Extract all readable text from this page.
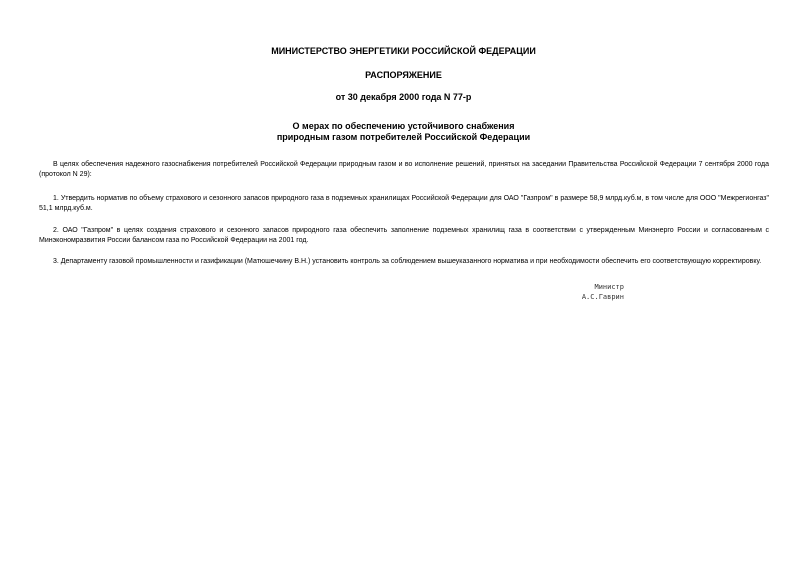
МИНИСТЕРСТВО ЭНЕРГЕТИКИ РОССИЙСКОЙ ФЕДЕРАЦИИ
РАСПОРЯЖЕНИЕ
от 30 декабря 2000 года N 77-р
О мерах по обеспечению устойчивого снабжения
природным газом потребителей Российской Федерации

В целях обеспечения надежного газоснабжения потребителей Российской Федерации природным газом и во исполнение решений, принятых на заседании Правительства Российской Федерации 7 сентября 2000 года (протокол N 29):

1. Утвердить норматив по объему страхового и сезонного запасов природного газа в подземных хранилищах Российской Федерации для ОАО "Газпром" в размере 58,9 млрд.куб.м, в том числе для ООО "Межрегионгаз" 51,1 млрд.куб.м.

2. ОАО "Газпром" в целях создания страхового и сезонного запасов природного газа обеспечить заполнение подземных хранилищ газа в соответствии с утвержденным Минэнерго России и согласованным с Минэкономразвития России балансом газа по Российской Федерации на 2001 год.

3. Департаменту газовой промышленности и газификации (Матюшечкину В.Н.) установить контроль за соблюдением вышеуказанного норматива и при необходимости обеспечить его соответствующую корректировку.

Министр
А.С.Гаврин
